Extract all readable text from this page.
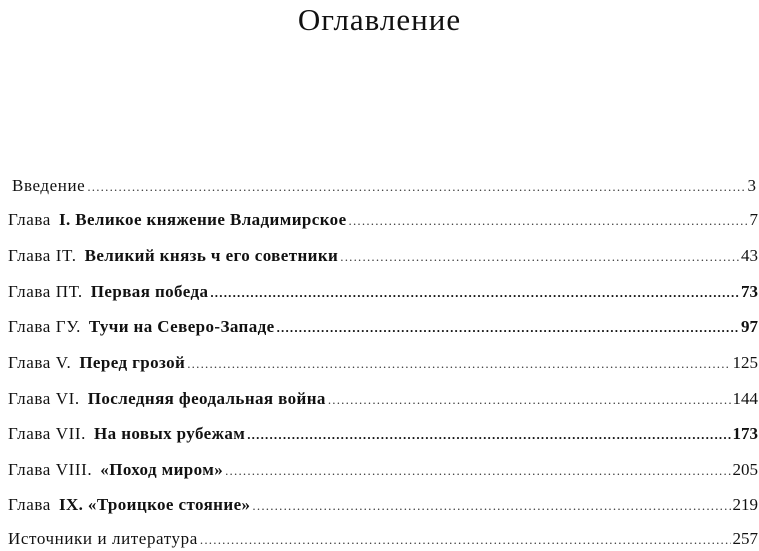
Оглавление
Введение .....	3
Глава I. Великое княжение Владимирское .....	7
Глава IT. Великий князь ч его советники .....	43
Глава ПТ. Первая победа .....	73
Глава ГУ. Тучи на Северо-Западе .....	97
Глава V. Перед грозой .....	125
Глава VI. Последняя феодальная война .....	144
Глава VII. На новых рубежам .....	173
Глава VIII. «Поход миром» .....	205
Глава IX. «Троицкое стояние» .....	219
Источники и литература .....	257
